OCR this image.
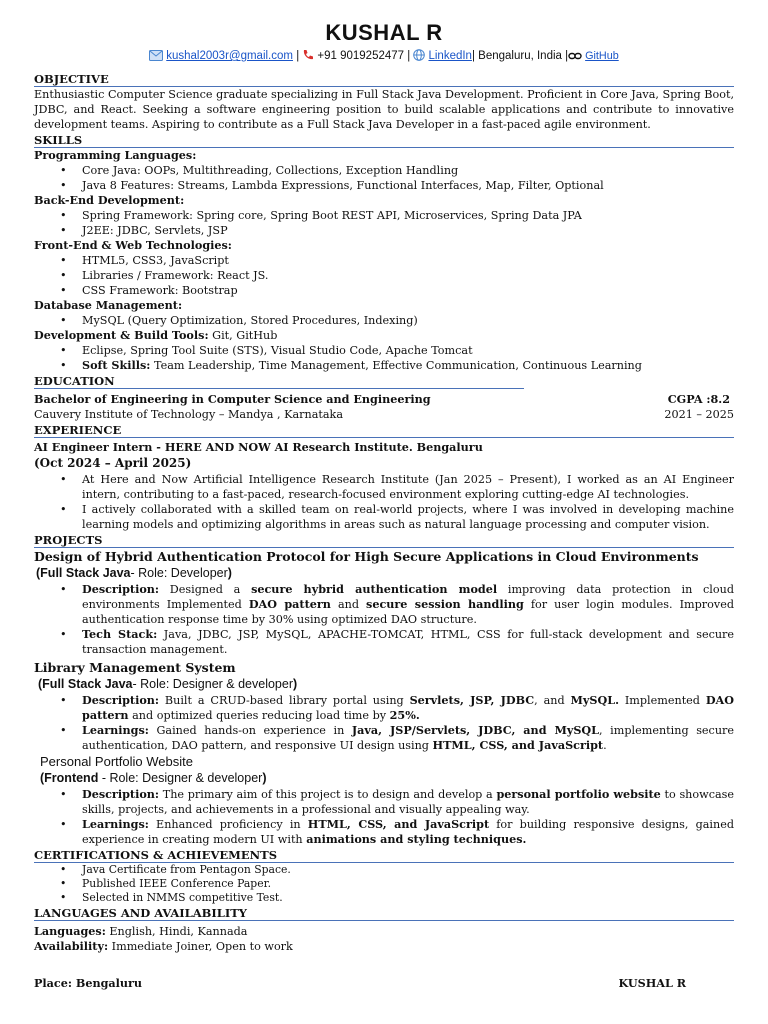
KUSHAL R
kushal2003r@gmail.com | +91 9019252477 | LinkedIn| Bengaluru, India | GitHub
OBJECTIVE

Enthusiastic Computer Science graduate specializing in Full Stack Java Development. Proficient in Core Java, Spring Boot, JDBC, and React. Seeking a software engineering position to build scalable applications and contribute to innovative development teams. Aspiring to contribute as a Full Stack Java Developer in a fast-paced agile environment.

SKILLS
Programming Languages:
• Core Java: OOPs, Multithreading, Collections, Exception Handling
• Java 8 Features: Streams, Lambda Expressions, Functional Interfaces, Map, Filter, Optional
Back-End Development:
• Spring Framework: Spring core, Spring Boot REST API, Microservices, Spring Data JPA
• J2EE: JDBC, Servlets, JSP
Front-End & Web Technologies:
• HTML5, CSS3, JavaScript
• Libraries / Framework: React JS.
• CSS Framework: Bootstrap
Database Management:
• MySQL (Query Optimization, Stored Procedures, Indexing)
Development & Build Tools: Git, GitHub
• Eclipse, Spring Tool Suite (STS), Visual Studio Code, Apache Tomcat
• Soft Skills: Team Leadership, Time Management, Effective Communication, Continuous Learning
EDUCATION
Bachelor of Engineering in Computer Science and Engineering	CGPA :8.2
Cauvery Institute of Technology – Mandya , Karnataka	2021 – 2025
EXPERIENCE
AI Engineer Intern - HERE AND NOW AI Research Institute. Bengaluru
(Oct 2024 – April 2025)
• At Here and Now Artificial Intelligence Research Institute (Jan 2025 – Present), I worked as an AI Engineer intern, contributing to a fast-paced, research-focused environment exploring cutting-edge AI technologies.
• I actively collaborated with a skilled team on real-world projects, where I was involved in developing machine learning models and optimizing algorithms in areas such as natural language processing and computer vision.
PROJECTS
Design of Hybrid Authentication Protocol for High Secure Applications in Cloud Environments
(Full Stack Java- Role: Developer)
• Description: Designed a secure hybrid authentication model improving data protection in cloud environments Implemented DAO pattern and secure session handling for user login modules. Improved authentication response time by 30% using optimized DAO structure.
• Tech Stack: Java, JDBC, JSP, MySQL, APACHE-TOMCAT, HTML, CSS for full-stack development and secure transaction management.
Library Management System
(Full Stack Java- Role: Designer & developer)
• Description: Built a CRUD-based library portal using Servlets, JSP, JDBC, and MySQL. Implemented DAO pattern and optimized queries reducing load time by 25%.
• Learnings: Gained hands-on experience in Java, JSP/Servlets, JDBC, and MySQL, implementing secure authentication, DAO pattern, and responsive UI design using HTML, CSS, and JavaScript.
Personal Portfolio Website
(Frontend - Role: Designer & developer)
• Description: The primary aim of this project is to design and develop a personal portfolio website to showcase skills, projects, and achievements in a professional and visually appealing way.
• Learnings: Enhanced proficiency in HTML, CSS, and JavaScript for building responsive designs, gained experience in creating modern UI with animations and styling techniques.
CERTIFICATIONS & ACHIEVEMENTS
• Java Certificate from Pentagon Space.
• Published IEEE Conference Paper.
• Selected in NMMS competitive Test.
LANGUAGES AND AVAILABILITY
Languages: English, Hindi, Kannada
Availability: Immediate Joiner, Open to work
Place: Bengaluru	KUSHAL R
